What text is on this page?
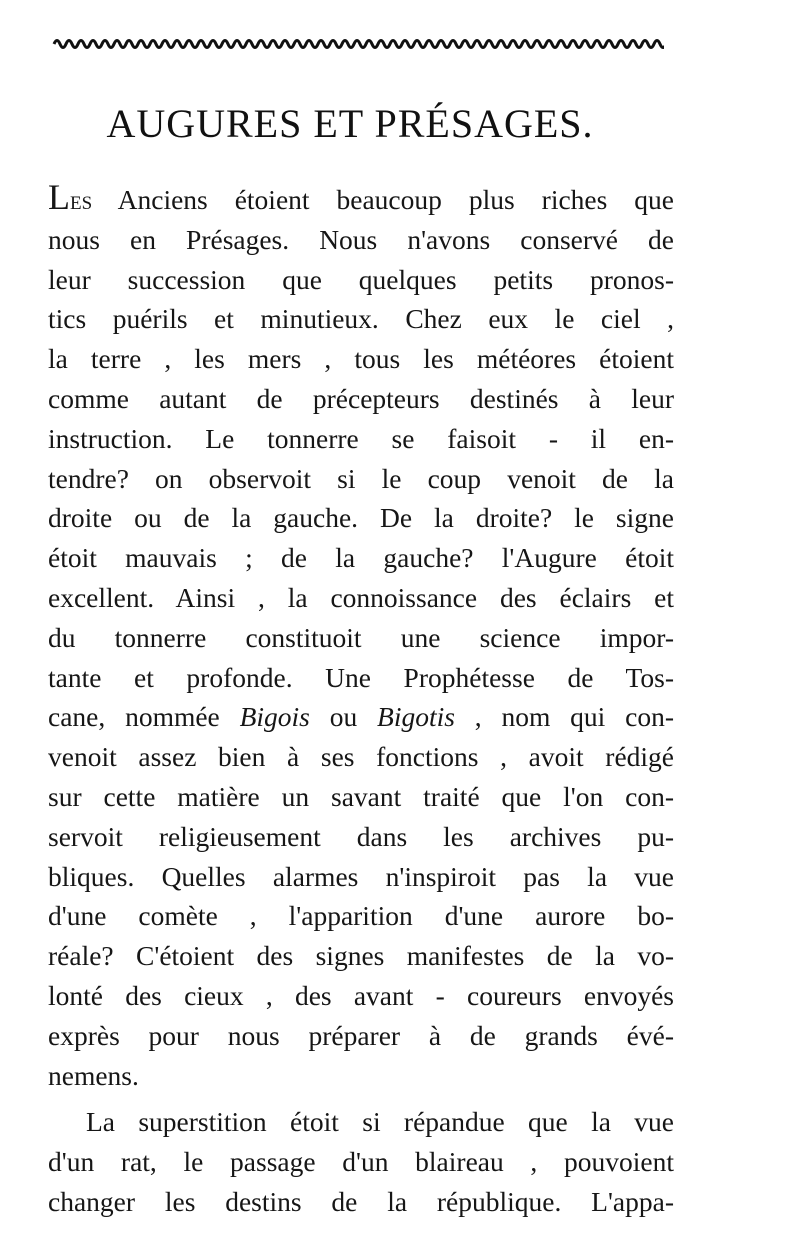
AUGURES ET PRÉSAGES.
Les Anciens étoient beaucoup plus riches que
nous en Présages. Nous n'avons conservé de
leur succession que quelques petits pronos-
tics puérils et minutieux. Chez eux le ciel ,
la terre , les mers , tous les météores étoient
comme autant de précepteurs destinés à leur
instruction. Le tonnerre se faisoit - il en-
tendre? on observoit si le coup venoit de la
droite ou de la gauche. De la droite? le signe
étoit mauvais ; de la gauche? l'Augure étoit
excellent. Ainsi , la connoissance des éclairs et
du tonnerre constituoit une science impor-
tante et profonde. Une Prophétesse de Tos-
cane, nommée Bigois ou Bigotis , nom qui con-
venoit assez bien à ses fonctions , avoit rédigé
sur cette matière un savant traité que l'on con-
servoit religieusement dans les archives pu-
bliques. Quelles alarmes n'inspiroit pas la vue
d'une comète , l'apparition d'une aurore bo-
réale? C'étoient des signes manifestes de la vo-
lonté des cieux , des avant - coureurs envoyés
exprès pour nous préparer à de grands évé-
nemens.
La superstition étoit si répandue que la vue
d'un rat, le passage d'un blaireau , pouvoient
changer les destins de la république. L'appa-
